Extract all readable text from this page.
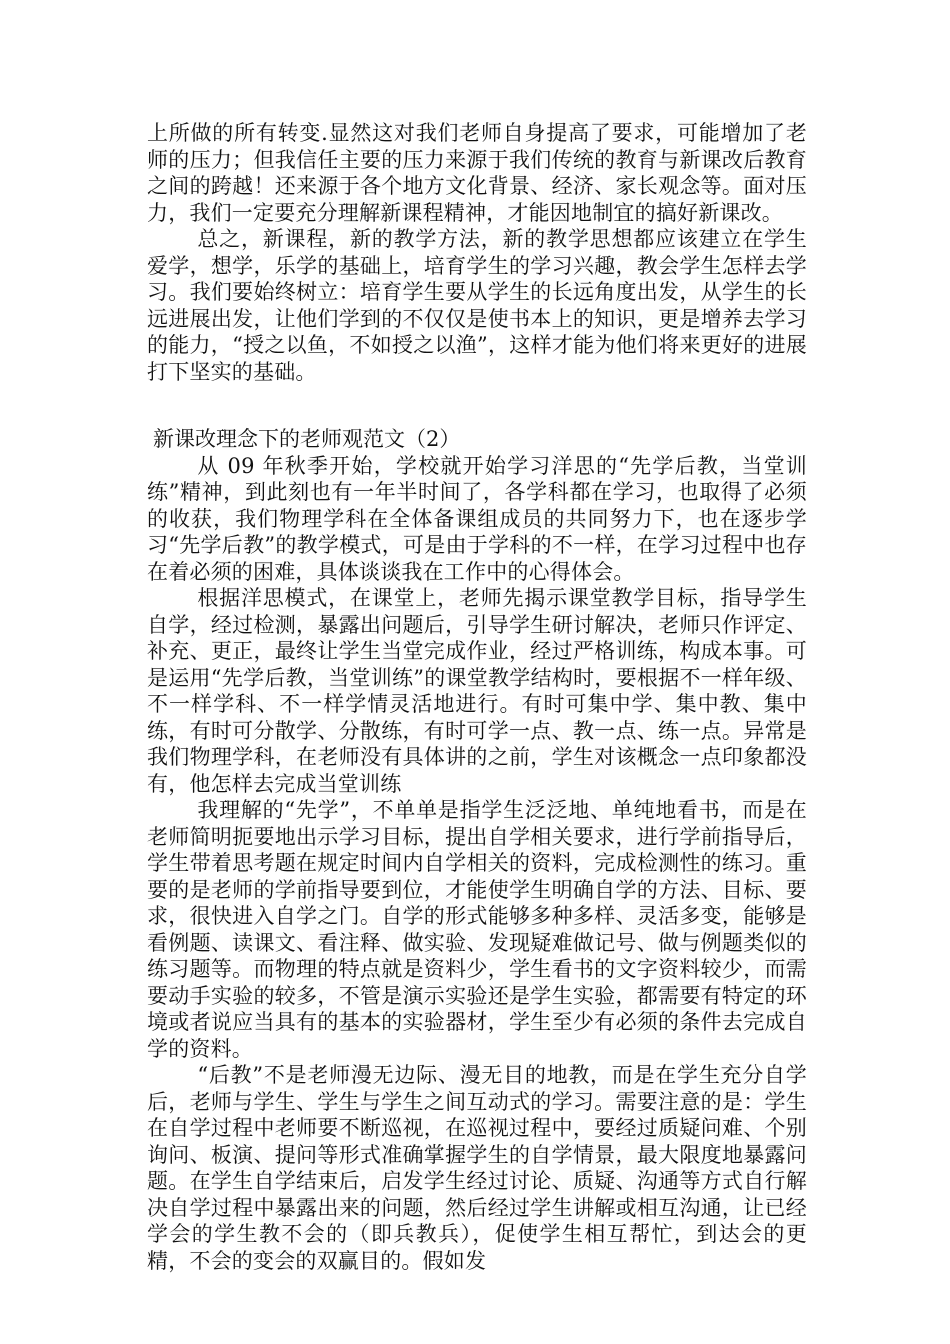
上所做的所有转变.显然这对我们老师自身提高了要求，可能增加了老师的压力；但我信任主要的压力来源于我们传统的教育与新课改后教育之间的跨越！还来源于各个地方文化背景、经济、家长观念等。面对压力，我们一定要充分理解新课程精神，才能因地制宜的搞好新课改。

总之，新课程，新的教学方法，新的教学思想都应该建立在学生爱学，想学，乐学的基础上，培育学生的学习兴趣，教会学生怎样去学习。我们要始终树立：培育学生要从学生的长远角度出发，从学生的长远进展出发，让他们学到的不仅仅是使书本上的知识，更是增养去学习的能力，“授之以鱼，不如授之以渔”，这样才能为他们将来更好的进展打下坚实的基础。

新课改理念下的老师观范文（2）

从 09 年秋季开始，学校就开始学习洋思的“先学后教，当堂训练”精神，到此刻也有一年半时间了，各学科都在学习，也取得了必须的收获，我们物理学科在全体备课组成员的共同努力下，也在逐步学习“先学后教”的教学模式，可是由于学科的不一样，在学习过程中也存在着必须的困难，具体谈谈我在工作中的心得体会。

根据洋思模式，在课堂上，老师先揭示课堂教学目标，指导学生自学，经过检测，暴露出问题后，引导学生研讨解决，老师只作评定、补充、更正，最终让学生当堂完成作业，经过严格训练，构成本事。可是运用“先学后教，当堂训练”的课堂教学结构时，要根据不一样年级、不一样学科、不一样学情灵活地进行。有时可集中学、集中教、集中练，有时可分散学、分散练，有时可学一点、教一点、练一点。异常是我们物理学科，在老师没有具体讲的之前，学生对该概念一点印象都没有，他怎样去完成当堂训练

我理解的“先学”，不单单是指学生泛泛地、单纯地看书，而是在老师简明扼要地出示学习目标，提出自学相关要求，进行学前指导后，学生带着思考题在规定时间内自学相关的资料，完成检测性的练习。重要的是老师的学前指导要到位，才能使学生明确自学的方法、目标、要求，很快进入自学之门。自学的形式能够多种多样、灵活多变，能够是看例题、读课文、看注释、做实验、发现疑难做记号、做与例题类似的练习题等。而物理的特点就是资料少，学生看书的文字资料较少，而需要动手实验的较多，不管是演示实验还是学生实验，都需要有特定的环境或者说应当具有的基本的实验器材，学生至少有必须的条件去完成自学的资料。

“后教”不是老师漫无边际、漫无目的地教，而是在学生充分自学后，老师与学生、学生与学生之间互动式的学习。需要注意的是：学生在自学过程中老师要不断巡视，在巡视过程中，要经过质疑问难、个别询问、板演、提问等形式准确掌握学生的自学情景，最大限度地暴露问题。在学生自学结束后，启发学生经过讨论、质疑、沟通等方式自行解决自学过程中暴露出来的问题，然后经过学生讲解或相互沟通，让已经学会的学生教不会的（即兵教兵），促使学生相互帮忙，到达会的更精，不会的变会的双赢目的。假如发
